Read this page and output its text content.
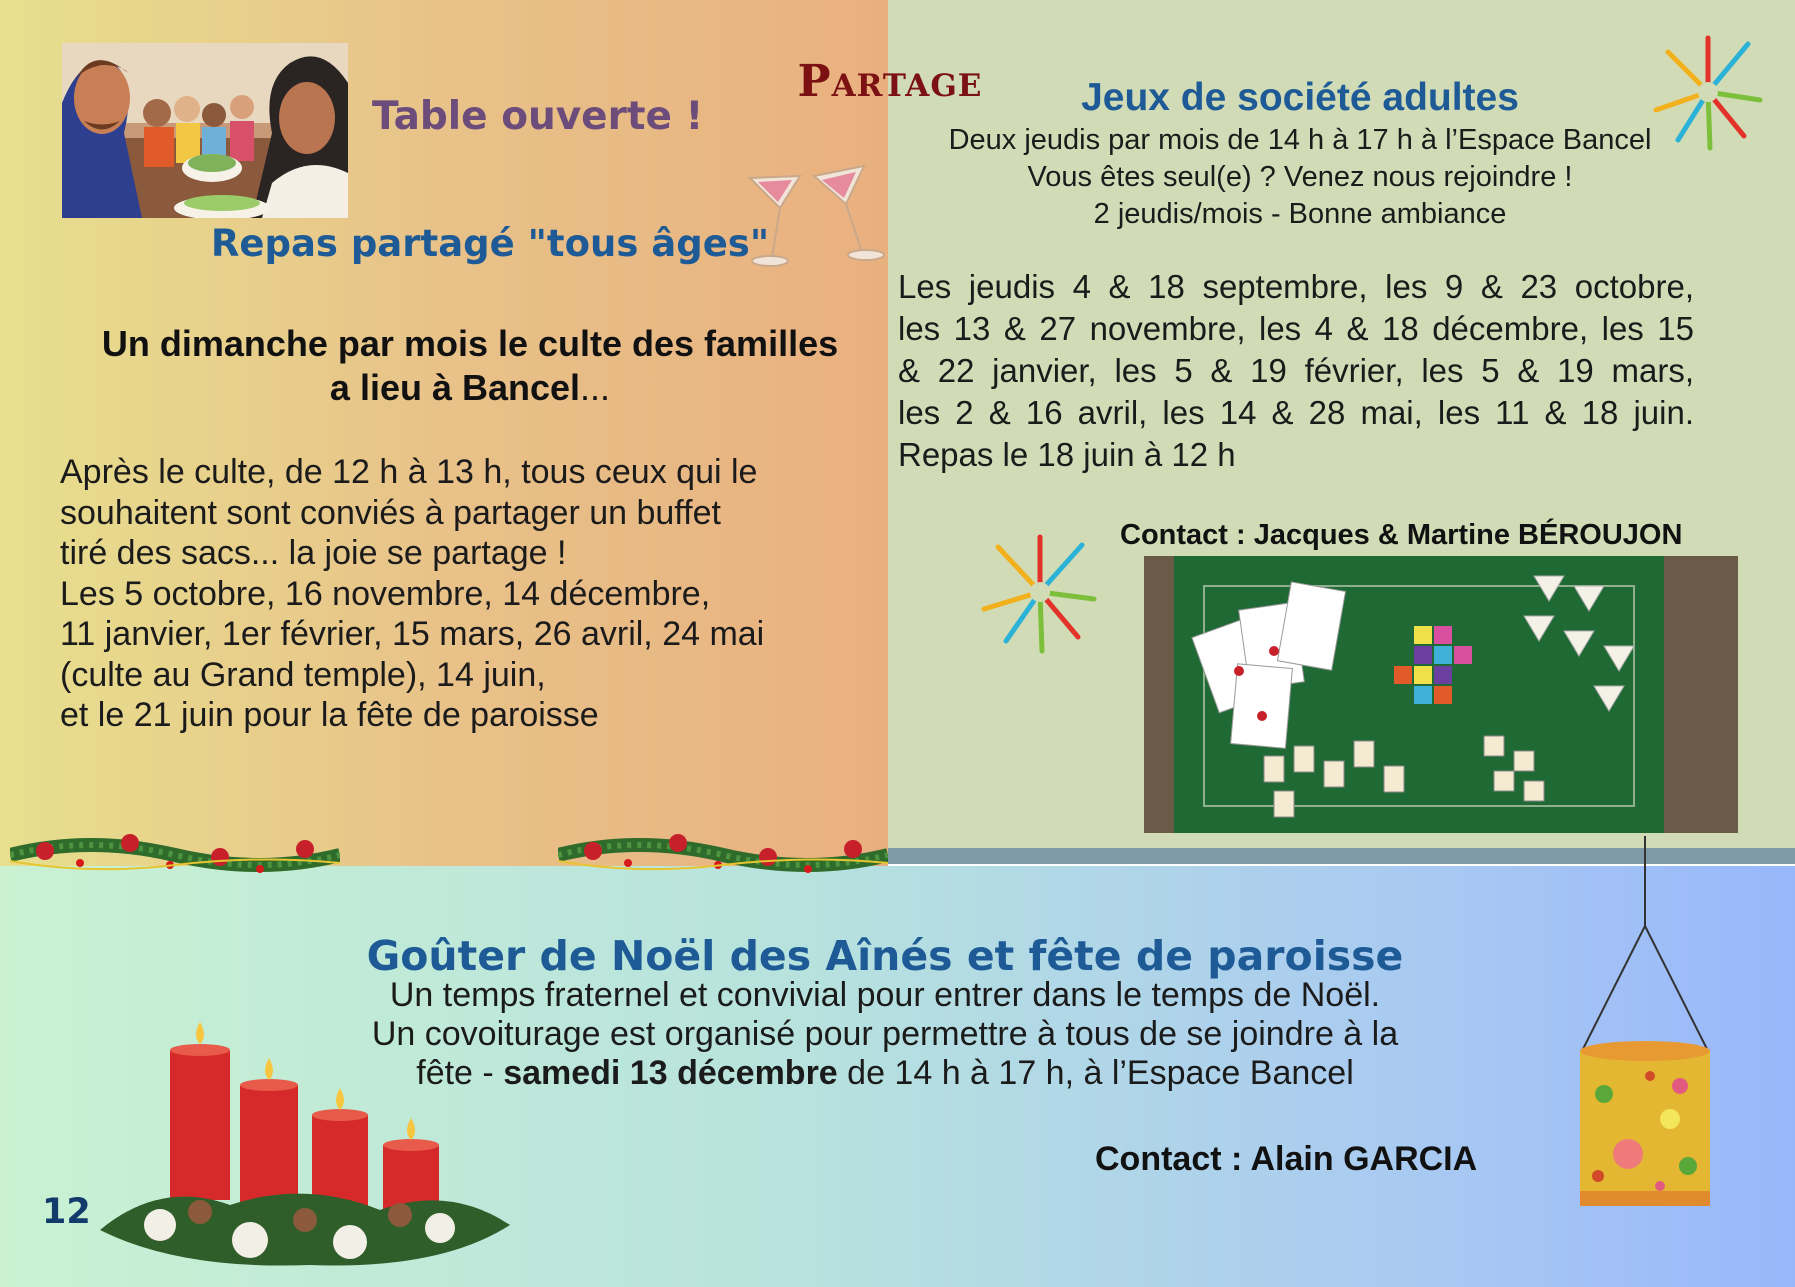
Partage
Table ouverte !
Repas partagé "tous âges"
Un dimanche par mois le culte des familles
a lieu à Bancel...
Après le culte, de 12 h à 13 h, tous ceux qui le
souhaitent sont conviés à partager un buffet
tiré des sacs... la joie se partage !
Les 5 octobre, 16 novembre, 14 décembre,
11 janvier, 1er février, 15 mars, 26 avril, 24 mai
(culte au Grand temple), 14 juin,
et le 21 juin pour la fête de paroisse
Jeux de société adultes
Deux jeudis par mois de 14 h à 17 h à l’Espace Bancel
Vous êtes seul(e) ? Venez nous rejoindre !
2 jeudis/mois - Bonne ambiance
Les jeudis 4 & 18 septembre, les 9 & 23 octobre,
les 13 & 27 novembre, les 4 & 18 décembre, les 15
& 22 janvier, les 5 & 19 février, les 5 & 19 mars,
les 2 & 16 avril, les 14 & 28 mai, les 11 & 18 juin.
Repas le 18 juin à 12 h
Contact : Jacques & Martine BÉROUJON
Goûter de Noël des Aînés et fête de paroisse
Un temps fraternel et convivial pour entrer dans le temps de Noël.
Un covoiturage est organisé pour permettre à tous de se joindre à la
fête - samedi 13 décembre de 14 h à 17 h, à l’Espace Bancel
Contact : Alain GARCIA
12
